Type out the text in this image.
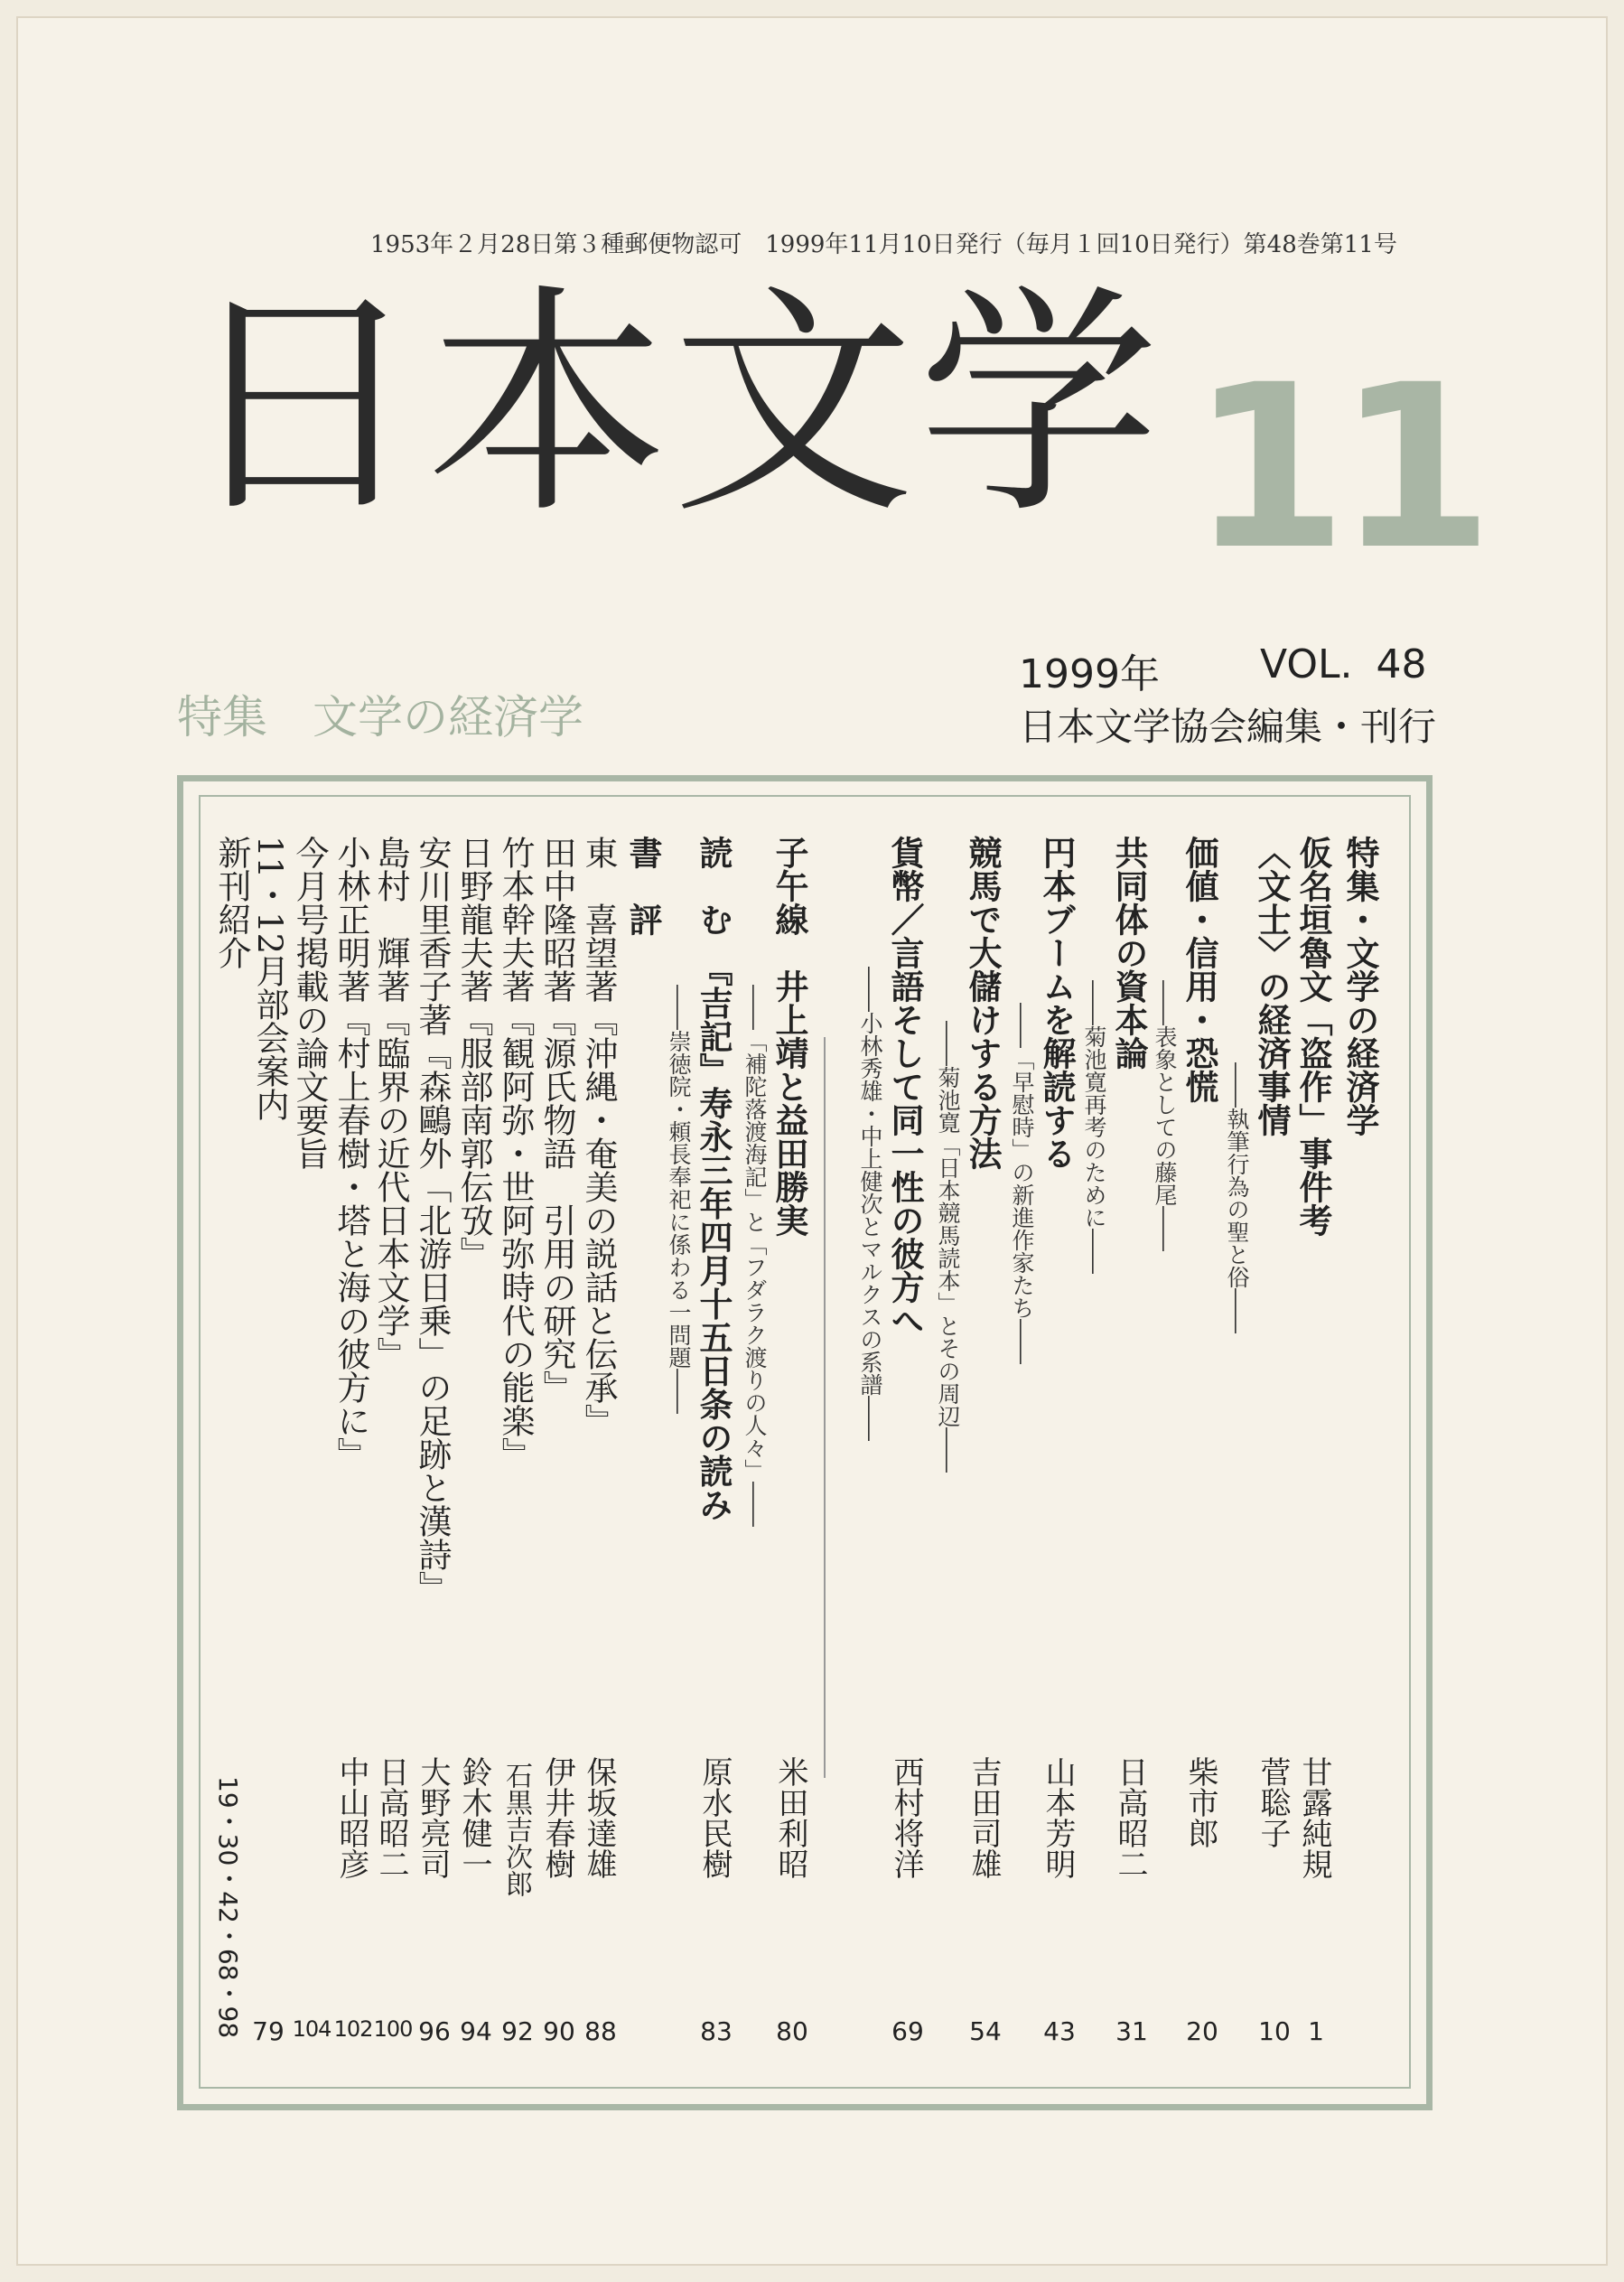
1953年２月28日第３種郵便物認可　1999年11月10日発行（毎月１回10日発行）第48巻第11号
日本文学 11
特集 文学の経済学
1999年	VOL. 48
日本文学協会編集・刊行
特集・文学の経済学
仮名垣魯文「盗作」事件考
甘露純規
1
〈文士〉の経済事情
――執筆行為の聖と俗――
菅聡子
10
価値・信用・恐慌
――表象としての藤尾――
柴市郎
20
共同体の資本論
――菊池寛再考のために――
日高昭二
31
円本ブームを解読する
――「早慰時」の新進作家たち――
山本芳明
43
競馬で大儲けする方法
――菊池寛「日本競馬読本」とその周辺――
吉田司雄
54
貨幣／言語そして同一性の彼方へ
――小林秀雄・中上健次とマルクスの系譜――
西村将洋
69
子午線　井上靖と益田勝実
――「補陀落渡海記」と「フダラク渡りの人々」――
米田利昭
80
読　む　『吉記』寿永三年四月十五日条の読み
――崇徳院・頼長奉祀に係わる一問題――
原水民樹
83
書　評
東　喜望著『沖縄・奄美の説話と伝承』
保坂達雄
88
田中隆昭著『源氏物語　引用の研究』
伊井春樹
90
竹本幹夫著『観阿弥・世阿弥時代の能楽』
石黒吉次郎
92
日野龍夫著『服部南郭伝攷』
鈴木健一
94
安川里香子著『森鷗外「北游日乗」の足跡と漢詩』
大野亮司
96
島村　輝著『臨界の近代日本文学』
日高昭二
100
小林正明著『村上春樹・塔と海の彼方に』
中山昭彦
102
今月号掲載の論文要旨
104
11・12月部会案内
79
新刊紹介
19・30・42・68・98
